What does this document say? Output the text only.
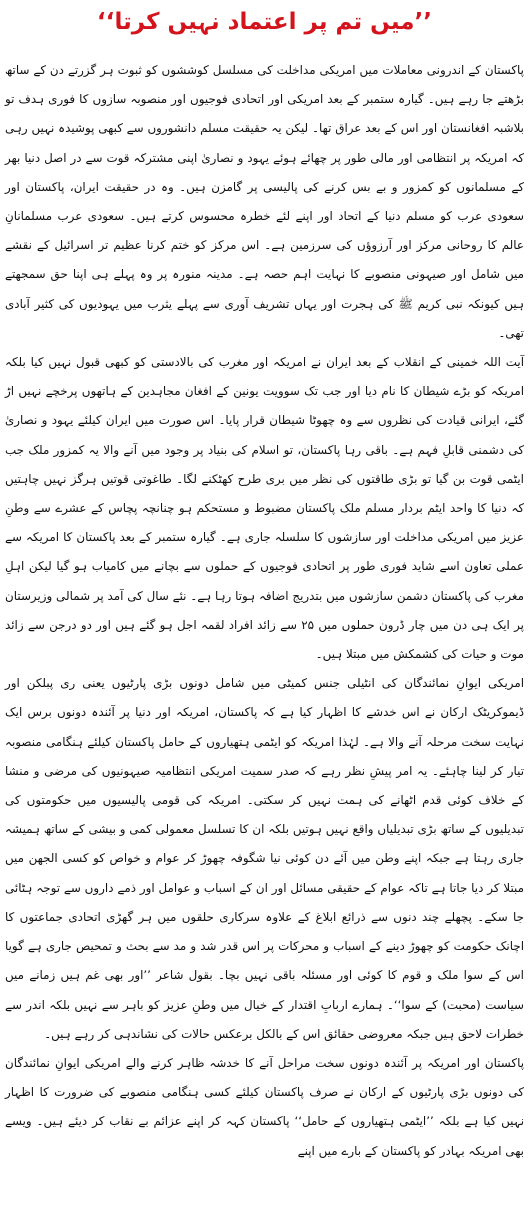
’’میں تم پر اعتماد نہیں کرتا‘‘

پاکستان کے اندرونی معاملات میں امریکی مداخلت کی مسلسل کوششوں کو ثبوت ہر گزرتے دن کے ساتھ بڑھتے جا رہے ہیں۔ گیارہ ستمبر کے بعد امریکی اور اتحادی فوجیوں اور منصوبہ سازوں کا فوری ہدف تو بلاشبہ افغانستان اور اس کے بعد عراق تھا۔ لیکن یہ حقیقت مسلم دانشوروں سے کبھی پوشیدہ نہیں رہی کہ امریکہ پر انتظامی اور مالی طور پر چھائے ہوئے یہود و نصاریٰ اپنی مشترکہ قوت سے در اصل دنیا بھر کے مسلمانوں کو کمزور و بے بس کرنے کی پالیسی پر گامزن ہیں۔ وہ در حقیقت ایران، پاکستان اور سعودی عرب کو مسلم دنیا کے اتحاد اور اپنے لئے خطرہ محسوس کرتے ہیں۔ سعودی عرب مسلمانانِ عالم کا روحانی مرکز اور آرزوؤں کی سرزمین ہے۔ اس مرکز کو ختم کرنا عظیم تر اسرائیل کے نقشے میں شامل اور صیہونی منصوبے کا نہایت اہم حصہ ہے۔ مدینہ منورہ پر وہ پہلے ہی اپنا حق سمجھتے ہیں کیونکہ نبی کریم ﷺ کی ہجرت اور یہاں تشریف آوری سے پہلے یثرب میں یہودیوں کی کثیر آبادی تھی۔

آیت اللہ خمینی کے انقلاب کے بعد ایران نے امریکہ اور مغرب کی بالادستی کو کبھی قبول نہیں کیا بلکہ امریکہ کو بڑے شیطان کا نام دیا اور جب تک سوویت یونین کے افغان مجاہدین کے ہاتھوں پرخچے نہیں اڑ گئے، ایرانی قیادت کی نظروں سے وہ چھوٹا شیطان قرار پایا۔ اس صورت میں ایران کیلئے یہود و نصاریٰ کی دشمنی قابلِ فہم ہے۔ باقی رہا پاکستان، تو اسلام کی بنیاد پر وجود میں آنے والا یہ کمزور ملک جب ایٹمی قوت بن گیا تو بڑی طاقتوں کی نظر میں بری طرح کھٹکنے لگا۔ طاغوتی قوتیں ہرگز نہیں چاہتیں کہ دنیا کا واحد ایٹم بردار مسلم ملک پاکستان مضبوط و مستحکم ہو چنانچہ پچاس کے عشرے سے وطنِ عزیز میں امریکی مداخلت اور سازشوں کا سلسلہ جاری ہے۔ گیارہ ستمبر کے بعد پاکستان کا امریکہ سے عملی تعاون اسے شاید فوری طور پر اتحادی فوجیوں کے حملوں سے بچانے میں کامیاب ہو گیا لیکن اہلِ مغرب کی پاکستان دشمن سازشوں میں بتدریج اضافہ ہوتا رہا ہے۔ نئے سال کی آمد پر شمالی وزیرستان پر ایک ہی دن میں چار ڈرون حملوں میں ۲۵ سے زائد افراد لقمہ اجل ہو گئے ہیں اور دو درجن سے زائد موت و حیات کی کشمکش میں مبتلا ہیں۔

امریکی ایوانِ نمائندگان کی انٹیلی جنس کمیٹی میں شامل دونوں بڑی پارٹیوں یعنی ری پبلکن اور ڈیموکریٹک ارکان نے اس خدشے کا اظہار کیا ہے کہ پاکستان، امریکہ اور دنیا پر آئندہ دونوں برس ایک نہایت سخت مرحلہ آنے والا ہے۔ لہٰذا امریکہ کو ایٹمی ہتھیاروں کے حامل پاکستان کیلئے ہنگامی منصوبہ تیار کر لینا چاہئے۔ یہ امر پیشِ نظر رہے کہ صدر سمیت امریکی انتظامیہ صیہونیوں کی مرضی و منشا کے خلاف کوئی قدم اٹھانے کی ہمت نہیں کر سکتی۔ امریکہ کی قومی پالیسیوں میں حکومتوں کی تبدیلیوں کے ساتھ بڑی تبدیلیاں واقع نہیں ہوتیں بلکہ ان کا تسلسل معمولی کمی و بیشی کے ساتھ ہمیشہ جاری رہتا ہے جبکہ اپنے وطن میں آئے دن کوئی نیا شگوفہ چھوڑ کر عوام و خواص کو کسی الجھن میں مبتلا کر دیا جاتا ہے تاکہ عوام کے حقیقی مسائل اور ان کے اسباب و عوامل اور ذمے داروں سے توجہ ہٹائی جا سکے۔ پچھلے چند دنوں سے ذرائع ابلاغ کے علاوہ سرکاری حلقوں میں ہر گھڑی اتحادی جماعتوں کا اچانک حکومت کو چھوڑ دینے کے اسباب و محرکات پر اس قدر شد و مد سے بحث و تمحیص جاری ہے گویا اس کے سوا ملک و قوم کا کوئی اور مسئلہ باقی نہیں بچا۔ بقول شاعر ’’اور بھی غم ہیں زمانے میں سیاست (محبت) کے سوا‘‘۔ ہمارے اربابِ اقتدار کے خیال میں وطنِ عزیز کو باہر سے نہیں بلکہ اندر سے خطرات لاحق ہیں جبکہ معروضی حقائق اس کے بالکل برعکس حالات کی نشاندہی کر رہے ہیں۔

پاکستان اور امریکہ پر آئندہ دونوں سخت مراحل آنے کا خدشہ ظاہر کرنے والے امریکی ایوانِ نمائندگان کی دونوں بڑی پارٹیوں کے ارکان نے صرف پاکستان کیلئے کسی ہنگامی منصوبے کی ضرورت کا اظہار نہیں کیا ہے بلکہ ’’ایٹمی ہتھیاروں کے حامل‘‘ پاکستان کہہ کر اپنے عزائم بے نقاب کر دیئے ہیں۔ ویسے بھی امریکہ بہادر کو پاکستان کے بارے میں اپنے
